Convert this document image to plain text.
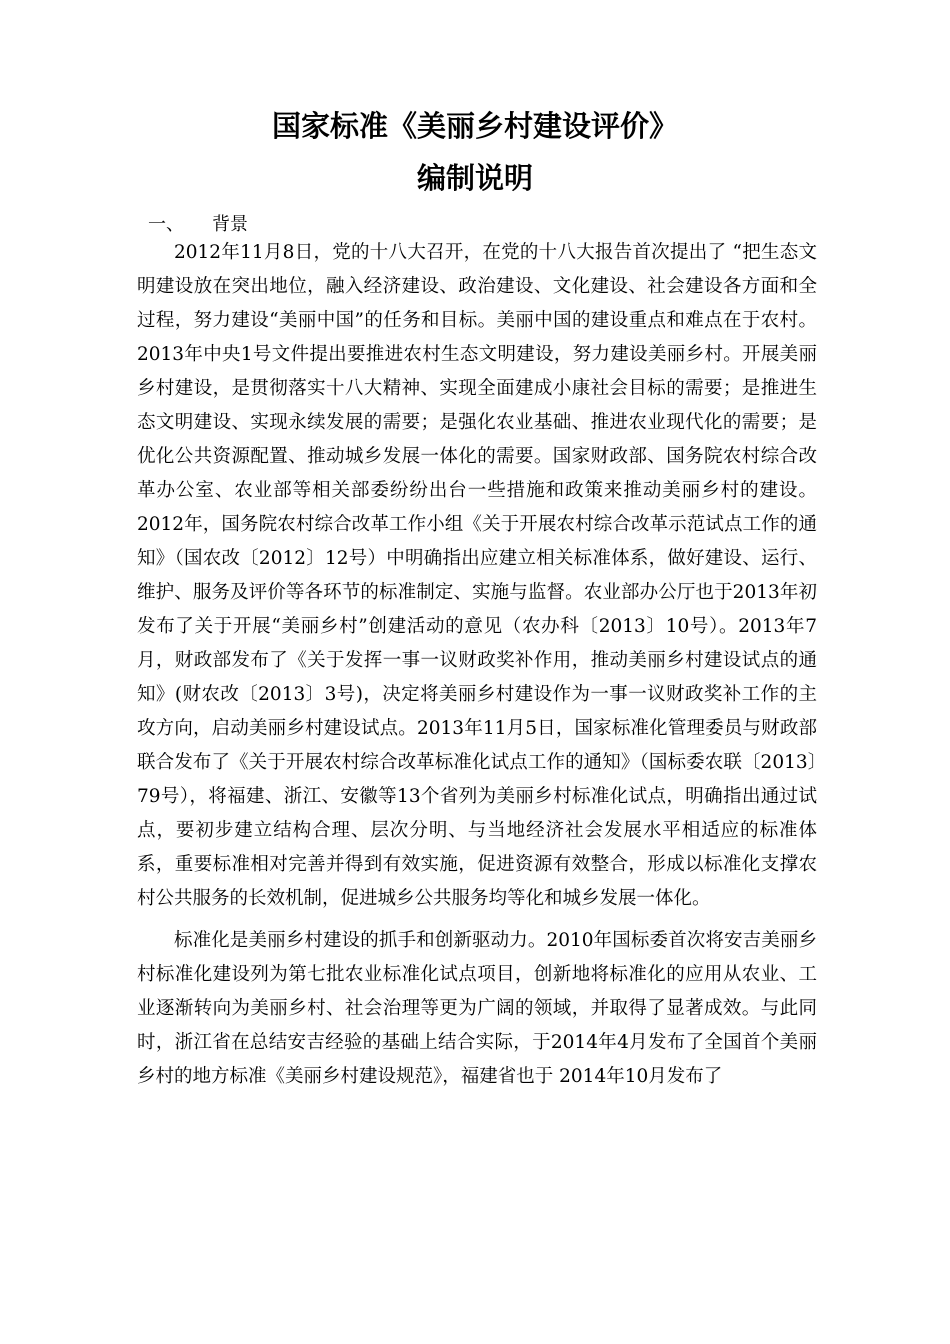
国家标准《美丽乡村建设评价》
编制说明
一、 背景

2012年11月8日，党的十八大召开，在党的十八大报告首次提出了 “把生态文明建设放在突出地位，融入经济建设、政治建设、文化建设、社会建设各方面和全过程，努力建设“美丽中国”的任务和目标。美丽中国的建设重点和难点在于农村。2013年中央1号文件提出要推进农村生态文明建设，努力建设美丽乡村。开展美丽乡村建设，是贯彻落实十八大精神、实现全面建成小康社会目标的需要；是推进生态文明建设、实现永续发展的需要；是强化农业基础、推进农业现代化的需要；是优化公共资源配置、推动城乡发展一体化的需要。国家财政部、国务院农村综合改革办公室、农业部等相关部委纷纷出台一些措施和政策来推动美丽乡村的建设。2012年，国务院农村综合改革工作小组《关于开展农村综合改革示范试点工作的通知》（国农改〔2012〕12号）中明确指出应建立相关标准体系，做好建设、运行、维护、服务及评价等各环节的标准制定、实施与监督。农业部办公厅也于2013年初发布了关于开展“美丽乡村”创建活动的意见（农办科〔2013〕10号）。2013年7月，财政部发布了《关于发挥一事一议财政奖补作用，推动美丽乡村建设试点的通知》(财农改〔2013〕3号)，决定将美丽乡村建设作为一事一议财政奖补工作的主攻方向，启动美丽乡村建设试点。2013年11月5日，国家标准化管理委员与财政部联合发布了《关于开展农村综合改革标准化试点工作的通知》（国标委农联〔2013〕79号），将福建、浙江、安徽等13个省列为美丽乡村标准化试点，明确指出通过试点，要初步建立结构合理、层次分明、与当地经济社会发展水平相适应的标准体系，重要标准相对完善并得到有效实施，促进资源有效整合，形成以标准化支撑农村公共服务的长效机制，促进城乡公共服务均等化和城乡发展一体化。

标准化是美丽乡村建设的抓手和创新驱动力。2010年国标委首次将安吉美丽乡村标准化建设列为第七批农业标准化试点项目，创新地将标准化的应用从农业、工业逐渐转向为美丽乡村、社会治理等更为广阔的领域，并取得了显著成效。与此同时，浙江省在总结安吉经验的基础上结合实际，于2014年4月发布了全国首个美丽乡村的地方标准《美丽乡村建设规范》，福建省也于 2014年10月发布了
